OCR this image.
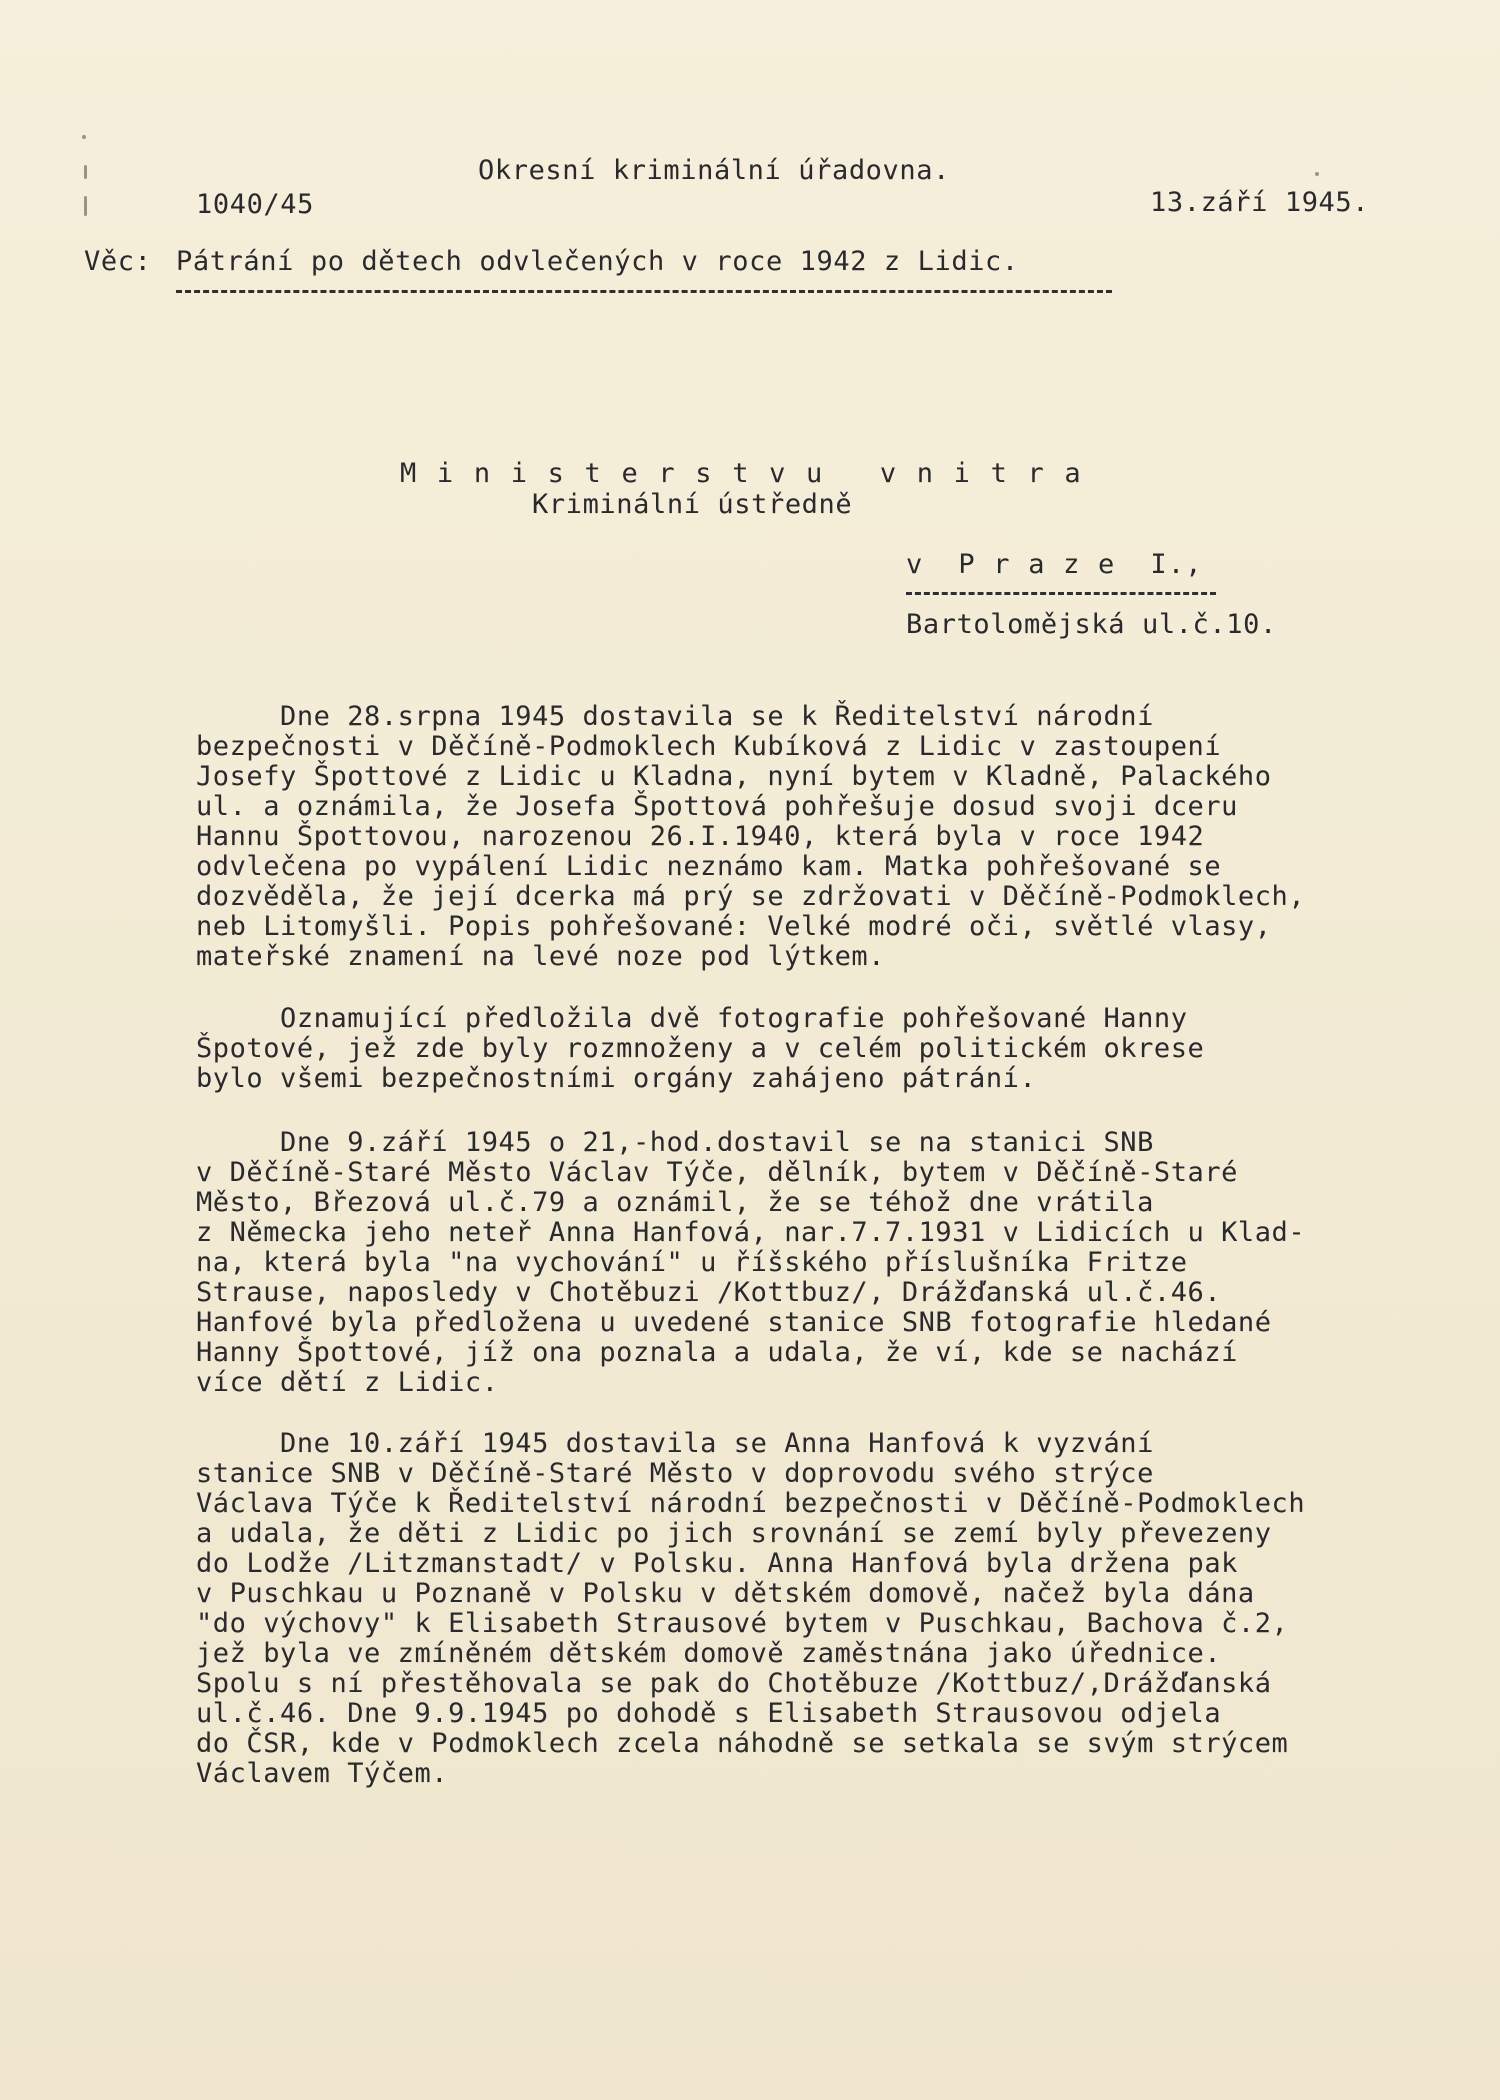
Okresní kriminální úřadovna.
1040/45	13.září 1945.
Věc: Pátrání po dětech odvlečených v roce 1942 z Lidic.
M i n i s t e r s t v u   v n i t r a
Kriminální ústředně
v  P r a z e  I.,
Bartoloměјská ul.č.10.
Dne 28.srpna 1945 dostavila se k Ředitelství národní
bezpečnosti v Děčíně-Podmoklech Kubíková z Lidic v zastoupení
Josefy Špottové z Lidic u Kladna, nyní bytem v Kladně, Palackého
ul. a oznámila, že Josefa Špottová pohřešuje dosud svoji dceru
Hannu Špottovou, narozenou 26.I.1940, která byla v roce 1942
odvlečena po vypálení Lidic neznámo kam. Matka pohřešované se
dozvěděla, že její dcerka má prý se zdržovati v Děčíně-Podmoklech,
neb Litomyšli. Popis pohřešované: Velké modré oči, světlé vlasy,
mateřské znamení na levé noze pod lýtkem.
Oznamující předložila dvě fotografie pohřešované Hanny
Špotové, jež zde byly rozmnoženy a v celém politickém okrese
bylo všemi bezpečnostními orgány zahájeno pátrání.
Dne 9.září 1945 o 21,-hod.dostavil se na stanici SNB
v Děčíně-Staré Město Václav Týče, dělník, bytem v Děčíně-Staré
Město, Březová ul.č.79 a oznámil, že se téhož dne vrátila
z Německa jeho neteř Anna Hanfová, nar.7.7.1931 v Lidicích u Klad-
na, která byla "na vychování" u říšského příslušníka Fritze
Strause, naposledy v Chotěbuzi /Kottbuz/, Drážďanská ul.č.46.
Hanfové byla předložena u uvedené stanice SNB fotografie hledané
Hanny Špottové, jíž ona poznala a udala, že ví, kde se nachází
více dětí z Lidic.
Dne 10.září 1945 dostavila se Anna Hanfová k vyzvání
stanice SNB v Děčíně-Staré Město v doprovodu svého strýce
Václava Týče k Ředitelství národní bezpečnosti v Děčíně-Podmoklech
a udala, že děti z Lidic po jich srovnání se zemí byly převezeny
do Lodže /Litzmanstadt/ v Polsku. Anna Hanfová byla držena pak
v Puschkau u Poznaně v Polsku v dětském domově, načež byla dána
"do výchovy" k Elisabeth Strausové bytem v Puschkau, Bachova č.2,
jež byla ve zmíněném dětském domově zaměstnána jako úřednice.
Spolu s ní přestěhovala se pak do Chotěbuze /Kottbuz/,Drážďanská
ul.č.46. Dne 9.9.1945 po dohodě s Elisabeth Strausovou odjela
do ČSR, kde v Podmoklech zcela náhodně se setkala se svým strýcem
Václavem Týčem.
